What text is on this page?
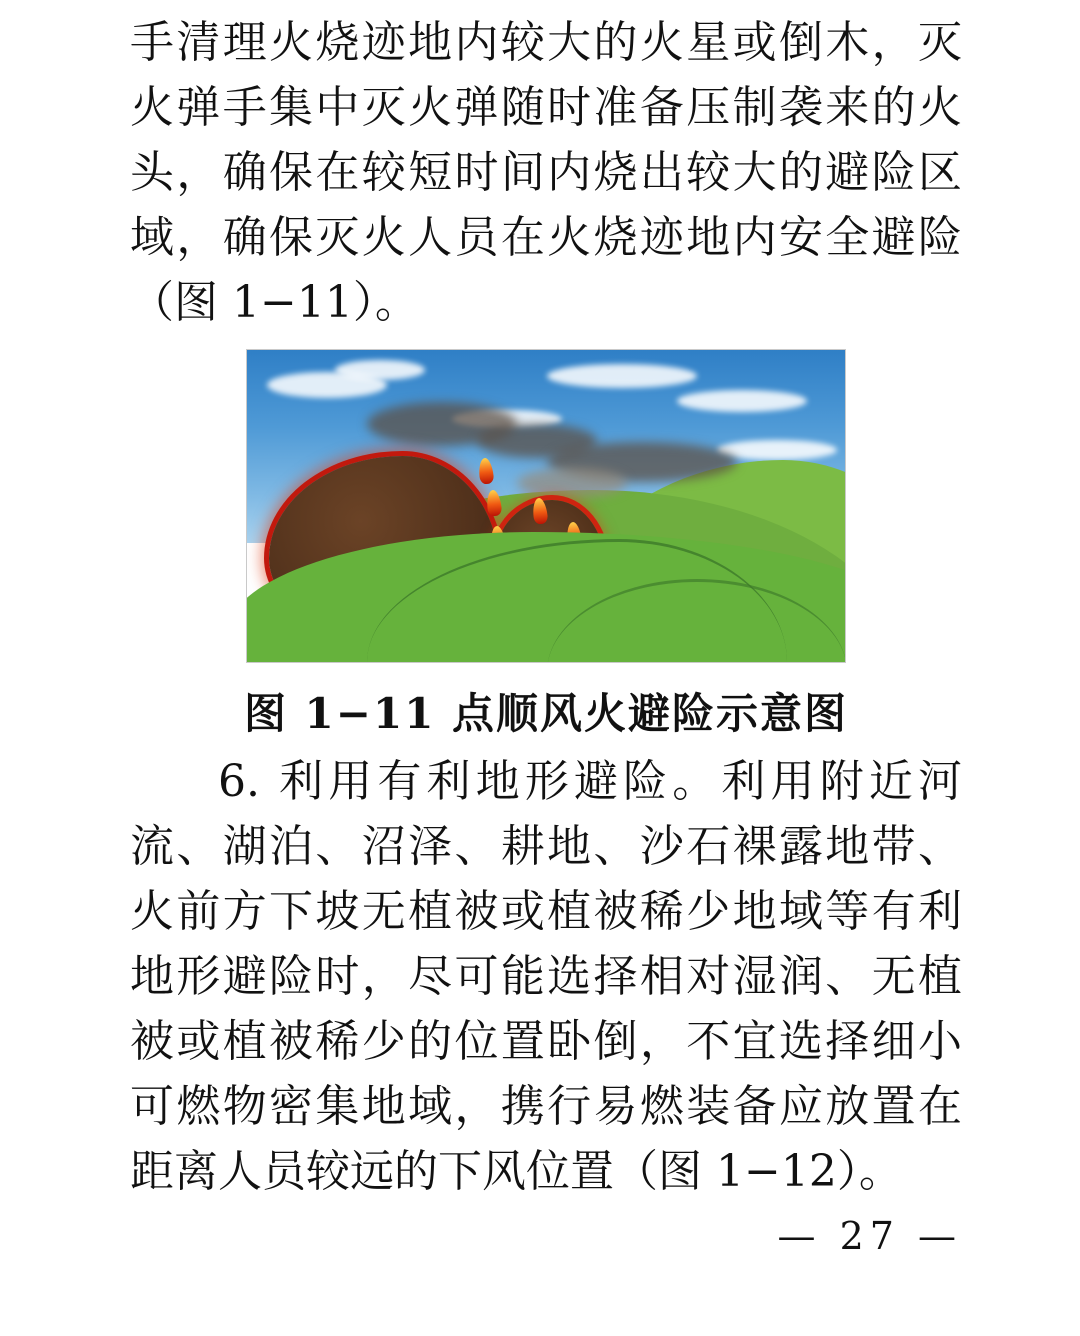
手清理火烧迹地内较大的火星或倒木，灭火弹手集中灭火弹随时准备压制袭来的火头，确保在较短时间内烧出较大的避险区域，确保灭火人员在火烧迹地内安全避险（图 1−11）。

图 1−11 点顺风火避险示意图

6. 利用有利地形避险。利用附近河流、湖泊、沼泽、耕地、沙石裸露地带、火前方下坡无植被或植被稀少地域等有利地形避险时，尽可能选择相对湿润、无植被或植被稀少的位置卧倒，不宜选择细小可燃物密集地域，携行易燃装备应放置在距离人员较远的下风位置（图 1−12）。

— 27 —
